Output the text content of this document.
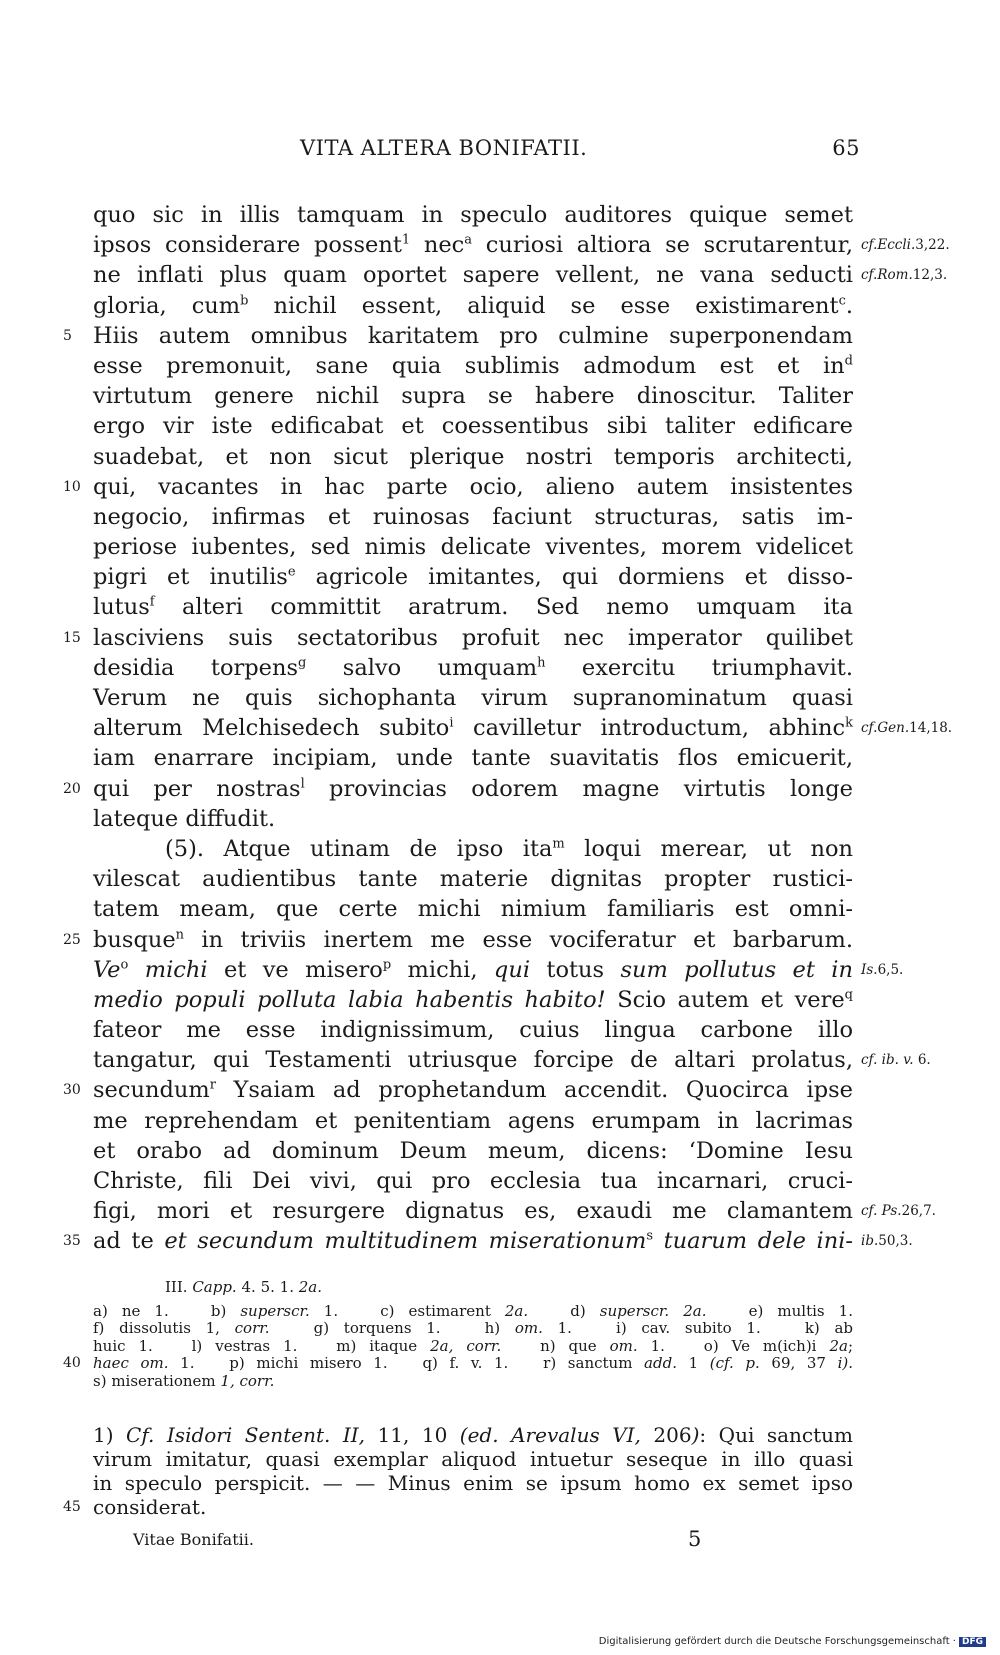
VITA ALTERA BONIFATII.	65
quo sic in illis tamquam in speculo auditores quique semet
ipsos considerare possent$^1$ nec$^a$ curiosi altiora se scrutarentur, cf.Eccli.3,22.
ne inflati plus quam oportet sapere vellent, ne vana seducti cf.Rom.12,3.
gloria, cum$^b$ nichil essent, aliquid se esse existimarent$^c$.
5 Hiis autem omnibus karitatem pro culmine superponendam
esse premonuit, sane quia sublimis admodum est et $in^d$
virtutum genere nichil supra se habere dinoscitur. Taliter
ergo vir iste edificabat et coessentibus sibi taliter edificare
suadebat, et non sicut plerique nostri temporis architecti,
10 qui, vacantes in hac parte ocio, alieno autem insistentes
negocio, infirmas et ruinosas faciunt structuras, satis im-
periose iubentes, sed nimis delicate viventes, morem videlicet
pigri et inutilis$^e$ agricole imitantes, qui dormiens et disso-
lutus$^f$ alteri committit aratrum. Sed nemo umquam ita
15 lasciviens suis sectatoribus profuit nec imperator quilibet
desidia torpens$^g$ salvo umquam$^h$ exercitu triumphavit.
Verum ne quis sichophanta virum supranominatum quasi
alterum Melchisedech subito$^i$ cavilletur introductum, abhinc$^k$ cf.Gen.14,18.
iam enarrare incipiam, unde tante suavitatis flos emicuerit,
20 qui per nostras$^l$ provincias odorem magne virtutis longe
lateque diffudit.
(5). Atque utinam de ipso ita$^m$ loqui merear, ut non
vilescat audientibus tante materie dignitas propter rustici-
tatem meam, que certe michi nimium familiaris est omni-
25 busque$^n$ in triviis inertem me esse vociferatur et barbarum.
Ve$^o$ michi et ve misero$^p$ michi, qui totus sum pollutus et in Is.6,5.
medio populi polluta labia habentis habito! Scio autem et vere$^q$
fateor me esse indignissimum, cuius lingua carbone illo
tangatur, qui Testamenti utriusque forcipe de altari prolatus, cf. ib. v. 6.
30 secundum$^r$ Ysaiam ad prophetandum accendit. Quocirca ipse
me reprehendam et penitentiam agens erumpam in lacrimas
et orabo ad dominum Deum meum, dicens: ‘Domine Iesu
Christe, fili Dei vivi, qui pro ecclesia tua incarnari, cruci-
figi, mori et resurgere dignatus es, exaudi me clamantem cf. Ps.26,7.
35 ad te et secundum multitudinem miserationum$^s$ tuarum dele ini- ib.50,3.
III. Capp. 4. 5. 1. 2a.
a) ne 1.   b) superscr. 1.   c) estimarent 2a.   d) superscr. 2a.   e) multis 1.
f) dissolutis 1, corr.   g) torquens 1.   h) om. 1.   i) cav. subito 1.   k) ab
huic 1.   l) vestras 1.   m) itaque 2a, corr.   n) que om. 1.   o) Ve m(ich)i 2a;
40 haec om. 1.   p) michi misero 1.   q) f. v. 1.   r) sanctum add. 1 (cf. p. 69, 37 i).
s) miserationem 1, corr.
1) Cf. Isidori Sentent. II, 11, 10 (ed. Arevalus VI, 206): Qui sanctum
virum imitatur, quasi exemplar aliquod intuetur seseque in illo quasi
in speculo perspicit. — — Minus enim se ipsum homo ex semet ipso
45 considerat.
Vitae Bonifatii.	5
Digitalisierung gefördert durch die Deutsche Forschungsgemeinschaft · DFG
